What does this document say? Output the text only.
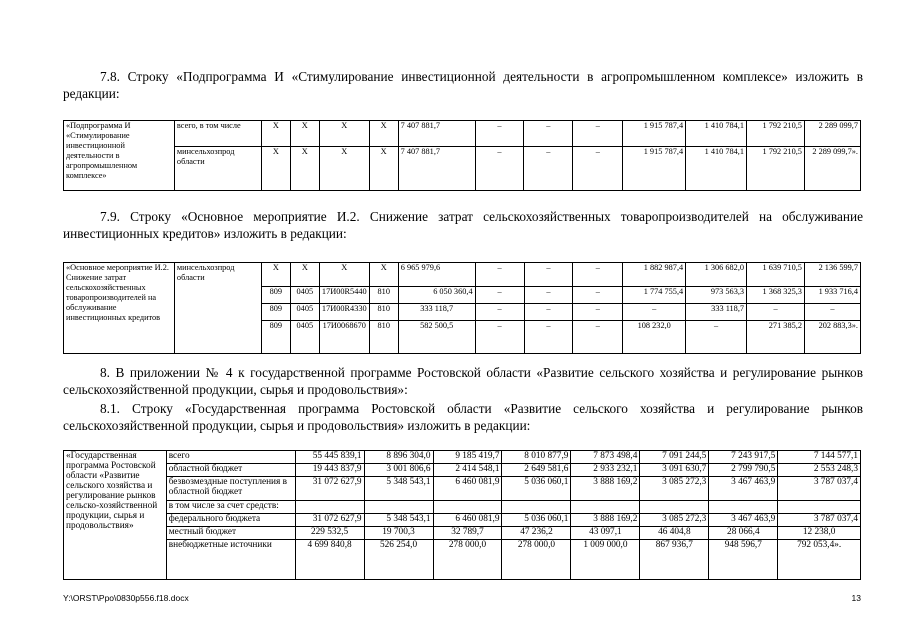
7.8. Строку «Подпрограмма И «Стимулирование инвестиционной деятельности в агропромышленном комплексе» изложить в редакции:
«Подпрограмма И «Стимулирование инвестиционной деятельности в агропромышленном комплексе»	всего, в том числе	Х	Х	Х	Х	7 407 881,7	–	–	–	1 915 787,4	1 410 784,1	1 792 210,5	2 289 099,7
	минсельхозпрод области	Х	Х	Х	Х	7 407 881,7	–	–	–	1 915 787,4	1 410 784,1	1 792 210,5	2 289 099,7».
7.9. Строку «Основное мероприятие И.2. Снижение затрат сельскохозяйственных товаропроизводителей на обслуживание инвестиционных кредитов» изложить в редакции:
«Основное мероприятие И.2. Снижение затрат сельскохозяйственных товаропроизводителей на обслуживание инвестиционных кредитов	минсельхозпрод области	Х	Х	Х	Х	6 965 979,6	–	–	–	1 882 987,4	1 306 682,0	1 639 710,5	2 136 599,7
		809	0405	17И00R5440	810	6 050 360,4	–	–	–	1 774 755,4	973 563,3	1 368 325,3	1 933 716,4
		809	0405	17И00R4330	810	333 118,7	–	–	–	–	333 118,7	–	–
		809	0405	17И0068670	810	582 500,5	–	–	–	108 232,0	–	271 385,2	202 883,3».
8. В приложении № 4 к государственной программе Ростовской области «Развитие сельского хозяйства и регулирование рынков сельскохозяйственной продукции, сырья и продовольствия»:
8.1. Строку «Государственная программа Ростовской области «Развитие сельского хозяйства и регулирование рынков сельскохозяйственной продукции, сырья и продовольствия» изложить в редакции:
«Государственная программа Ростовской области «Развитие сельского хозяйства и регулирование рынков сельско-хозяйственной продукции, сырья и продовольствия»	всего	55 445 839,1	8 896 304,0	9 185 419,7	8 010 877,9	7 873 498,4	7 091 244,5	7 243 917,5	7 144 577,1
	областной бюджет	19 443 837,9	3 001 806,6	2 414 548,1	2 649 581,6	2 933 232,1	3 091 630,7	2 799 790,5	2 553 248,3
	безвозмездные поступления в областной бюджет	31 072 627,9	5 348 543,1	6 460 081,9	5 036 060,1	3 888 169,2	3 085 272,3	3 467 463,9	3 787 037,4
	в том числе за счет средств:								
	федерального бюджета	31 072 627,9	5 348 543,1	6 460 081,9	5 036 060,1	3 888 169,2	3 085 272,3	3 467 463,9	3 787 037,4
	местный бюджет	229 532,5	19 700,3	32 789,7	47 236,2	43 097,1	46 404,8	28 066,4	12 238,0
	внебюджетные источники	4 699 840,8	526 254,0	278 000,0	278 000,0	1 009 000,0	867 936,7	948 596,7	792 053,4».
Y:\ORST\Ppo\0830p556.f18.docx	13
